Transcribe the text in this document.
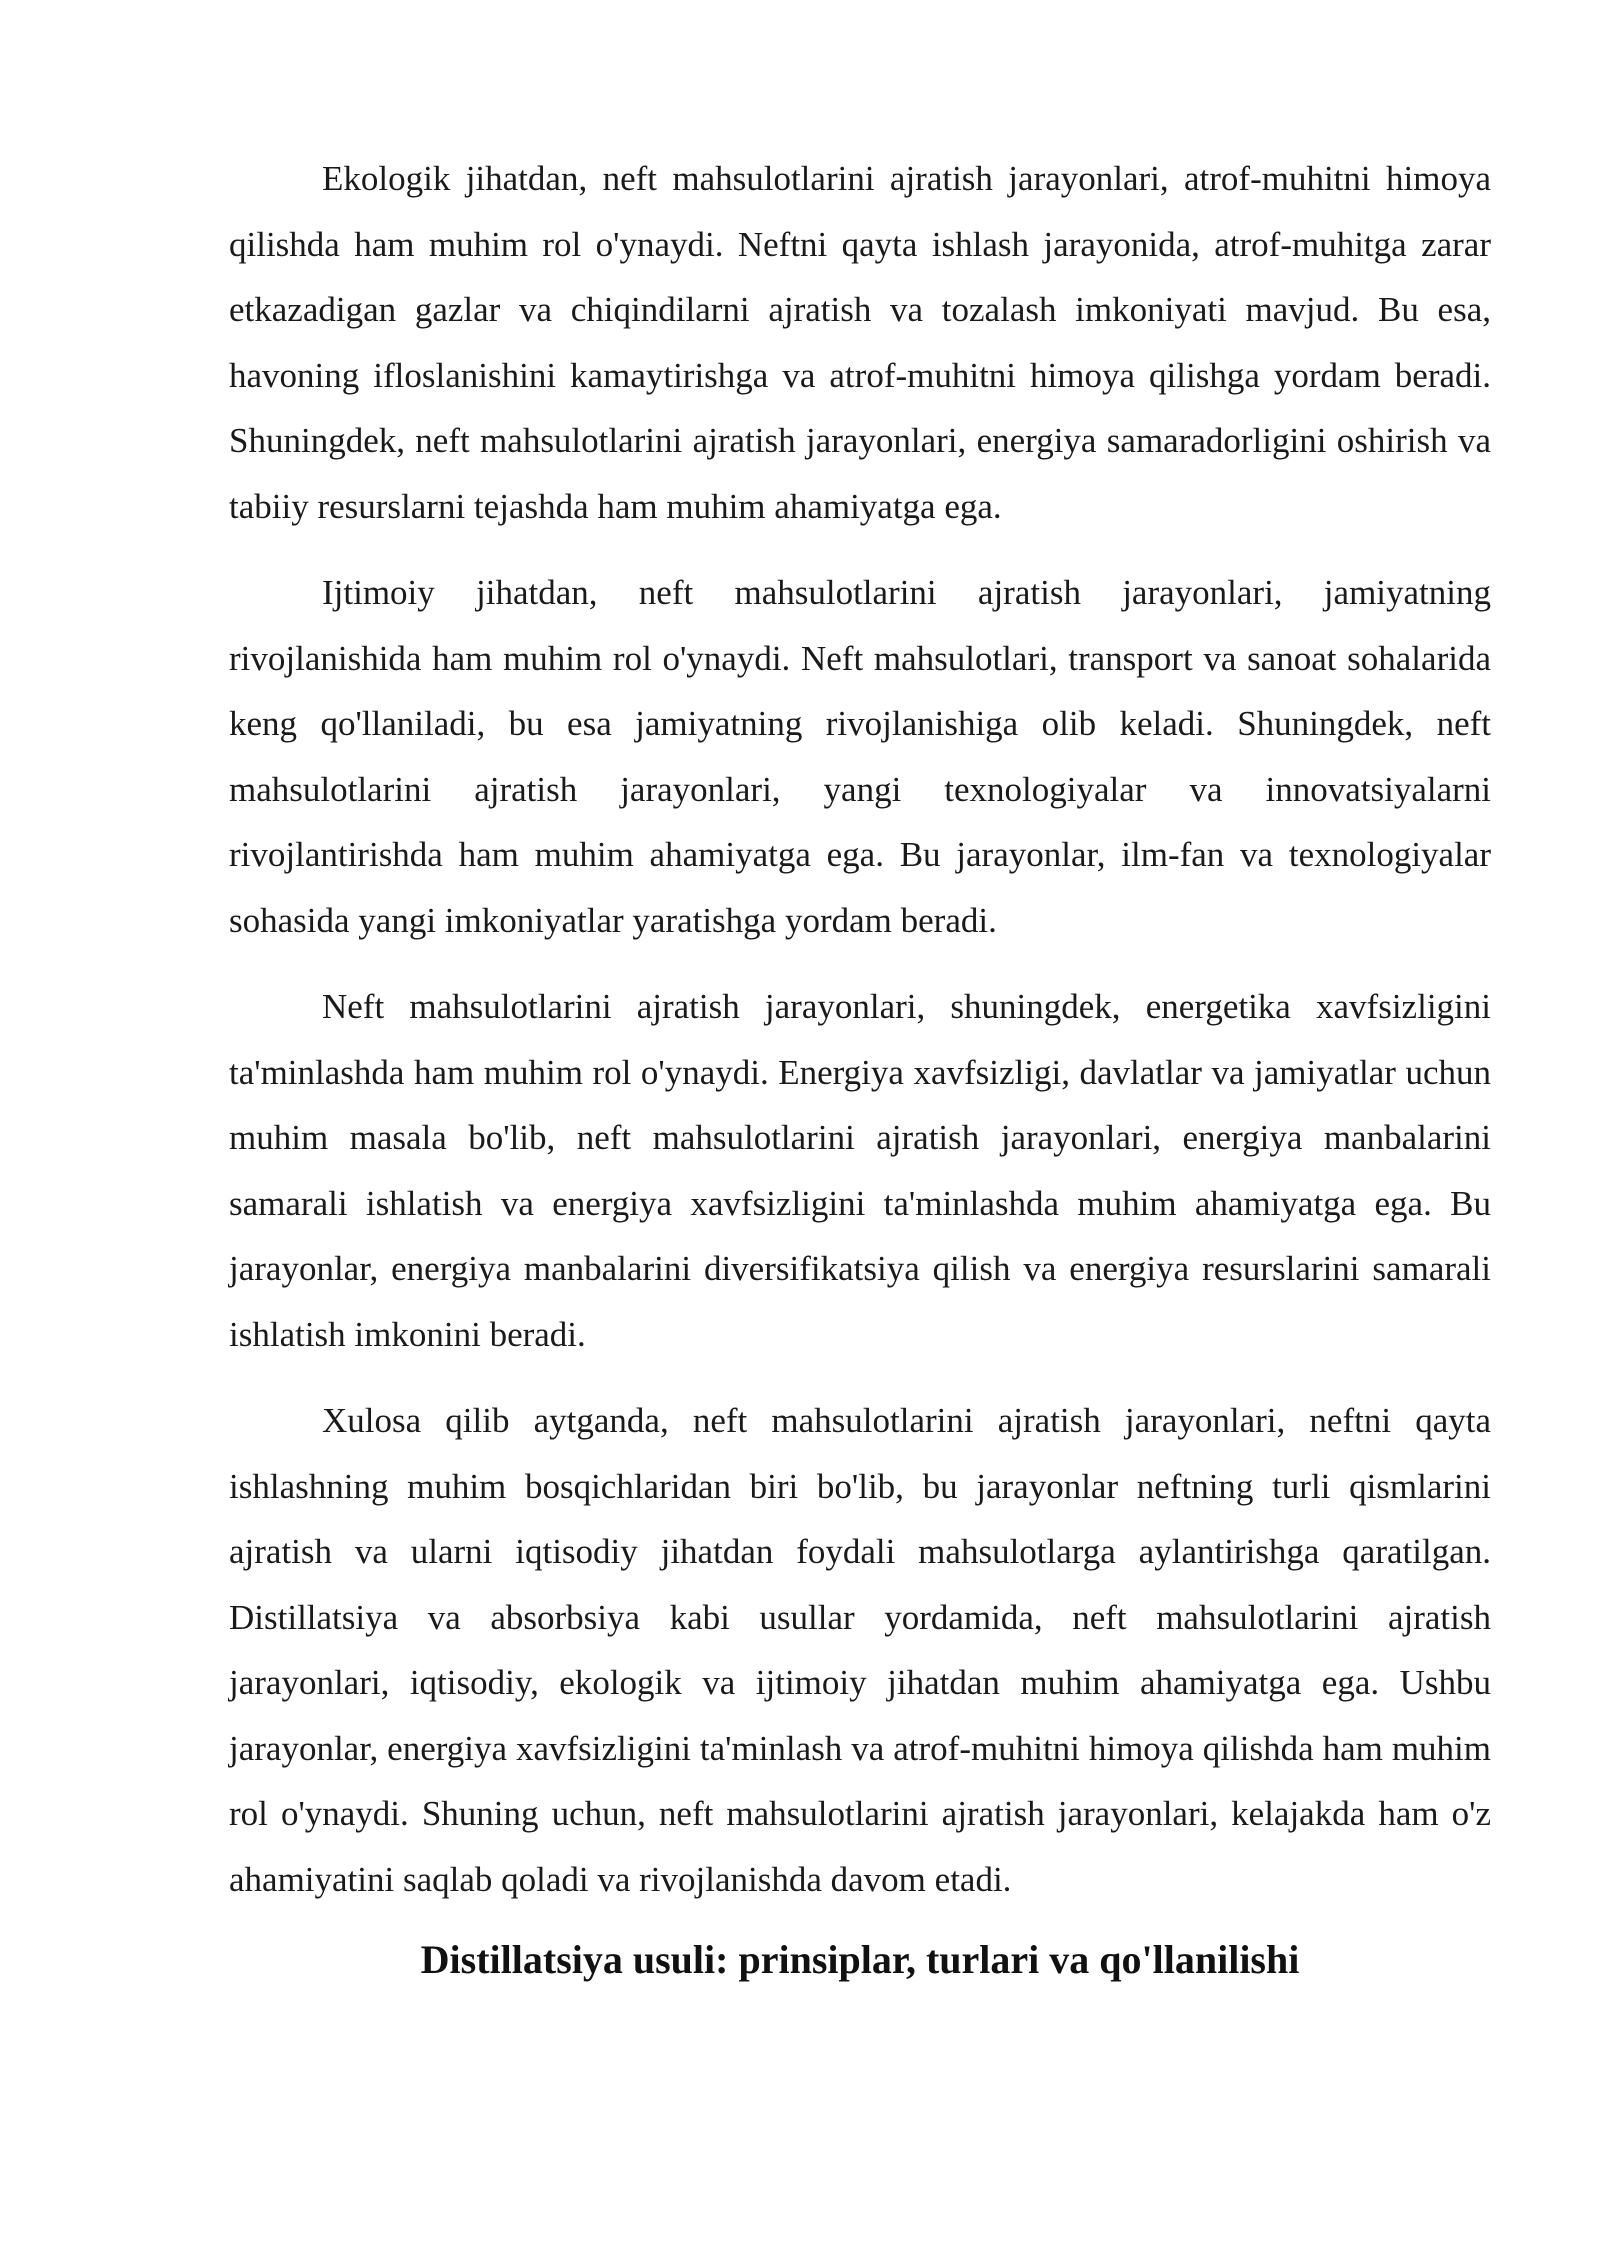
Ekologik jihatdan, neft mahsulotlarini ajratish jarayonlari, atrof-muhitni himoya qilishda ham muhim rol o'ynaydi. Neftni qayta ishlash jarayonida, atrof-muhitga zarar etkazadigan gazlar va chiqindilarni ajratish va tozalash imkoniyati mavjud. Bu esa, havoning ifloslanishini kamaytirishga va atrof-muhitni himoya qilishga yordam beradi. Shuningdek, neft mahsulotlarini ajratish jarayonlari, energiya samaradorligini oshirish va tabiiy resurslarni tejashda ham muhim ahamiyatga ega.

Ijtimoiy jihatdan, neft mahsulotlarini ajratish jarayonlari, jamiyatning rivojlanishida ham muhim rol o'ynaydi. Neft mahsulotlari, transport va sanoat sohalarida keng qo'llaniladi, bu esa jamiyatning rivojlanishiga olib keladi. Shuningdek, neft mahsulotlarini ajratish jarayonlari, yangi texnologiyalar va innovatsiyalarni rivojlantirishda ham muhim ahamiyatga ega. Bu jarayonlar, ilm-fan va texnologiyalar sohasida yangi imkoniyatlar yaratishga yordam beradi.

Neft mahsulotlarini ajratish jarayonlari, shuningdek, energetika xavfsizligini ta'minlashda ham muhim rol o'ynaydi. Energiya xavfsizligi, davlatlar va jamiyatlar uchun muhim masala bo'lib, neft mahsulotlarini ajratish jarayonlari, energiya manbalarini samarali ishlatish va energiya xavfsizligini ta'minlashda muhim ahamiyatga ega. Bu jarayonlar, energiya manbalarini diversifikatsiya qilish va energiya resurslarini samarali ishlatish imkonini beradi.

Xulosa qilib aytganda, neft mahsulotlarini ajratish jarayonlari, neftni qayta ishlashning muhim bosqichlaridan biri bo'lib, bu jarayonlar neftning turli qismlarini ajratish va ularni iqtisodiy jihatdan foydali mahsulotlarga aylantirishga qaratilgan. Distillatsiya va absorbsiya kabi usullar yordamida, neft mahsulotlarini ajratish jarayonlari, iqtisodiy, ekologik va ijtimoiy jihatdan muhim ahamiyatga ega. Ushbu jarayonlar, energiya xavfsizligini ta'minlash va atrof-muhitni himoya qilishda ham muhim rol o'ynaydi. Shuning uchun, neft mahsulotlarini ajratish jarayonlari, kelajakda ham o'z ahamiyatini saqlab qoladi va rivojlanishda davom etadi.

Distillatsiya usuli: prinsiplar, turlari va qo'llanilishi
